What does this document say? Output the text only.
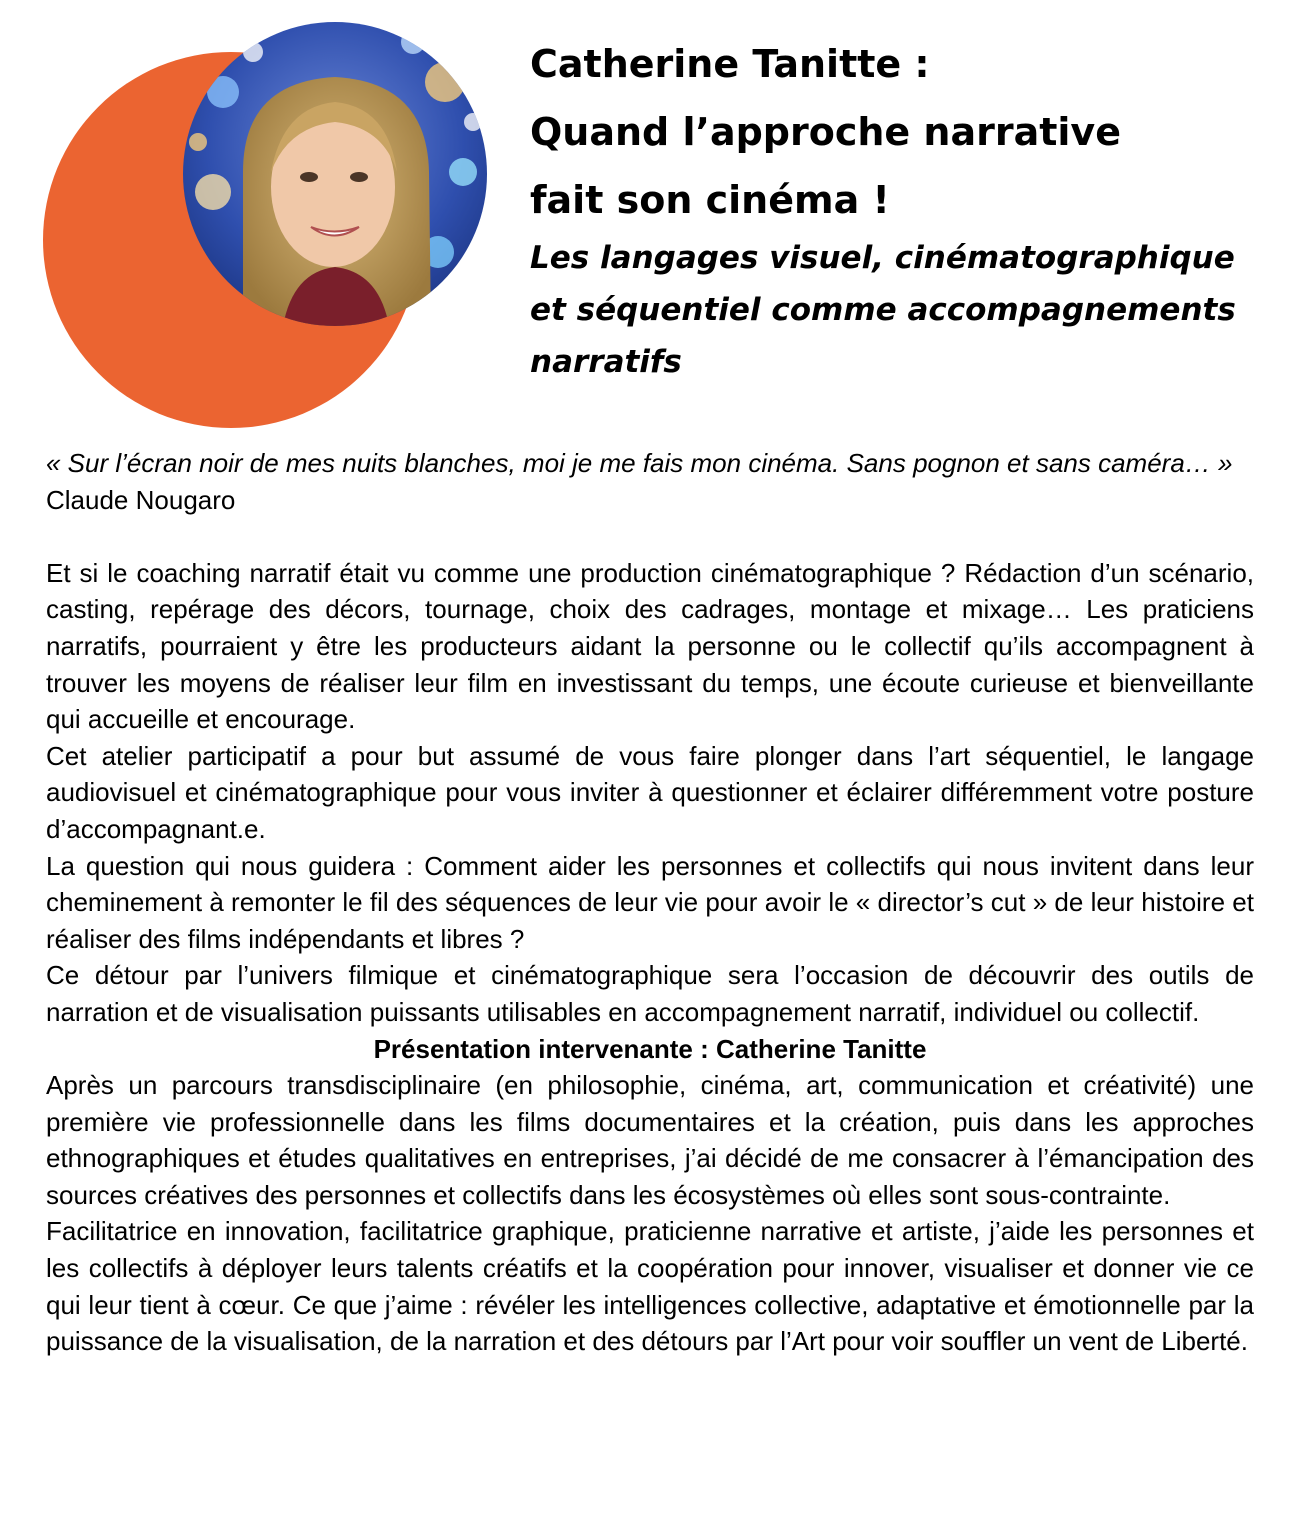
Catherine Tanitte :
Quand l’approche narrative
fait son cinéma !
Les langages visuel, cinématographique
et séquentiel comme accompagnements
narratifs

« Sur l’écran noir de mes nuits blanches, moi je me fais mon cinéma. Sans pognon et sans caméra… » Claude Nougaro

Et si le coaching narratif était vu comme une production cinématographique ? Rédaction d’un scénario, casting, repérage des décors, tournage, choix des cadrages, montage et mixage… Les praticiens narratifs, pourraient y être les producteurs aidant la personne ou le collectif qu’ils accompagnent à trouver les moyens de réaliser leur film en investissant du temps, une écoute curieuse et bienveillante qui accueille et encourage.

Cet atelier participatif a pour but assumé de vous faire plonger dans l’art séquentiel, le langage audiovisuel et cinématographique pour vous inviter à questionner et éclairer différemment votre posture d’accompagnant.e.

La question qui nous guidera : Comment aider les personnes et collectifs qui nous invitent dans leur cheminement à remonter le fil des séquences de leur vie pour avoir le « director’s cut » de leur histoire et réaliser des films indépendants et libres ?

Ce détour par l’univers filmique et cinématographique sera l’occasion de découvrir des outils de narration et de visualisation puissants utilisables en accompagnement narratif, individuel ou collectif.

Présentation intervenante : Catherine Tanitte

Après un parcours transdisciplinaire (en philosophie, cinéma, art, communication et créativité) une première vie professionnelle dans les films documentaires et la création, puis dans les approches ethnographiques et études qualitatives en entreprises, j’ai décidé de me consacrer à l’émancipation des sources créatives des personnes et collectifs dans les écosystèmes où elles sont sous-contrainte.

Facilitatrice en innovation, facilitatrice graphique, praticienne narrative et artiste, j’aide les personnes et les collectifs à déployer leurs talents créatifs et la coopération pour innover, visualiser et donner vie ce qui leur tient à cœur. Ce que j’aime : révéler les intelligences collective, adaptative et émotionnelle par la puissance de la visualisation, de la narration et des détours par l’Art pour voir souffler un vent de Liberté.
